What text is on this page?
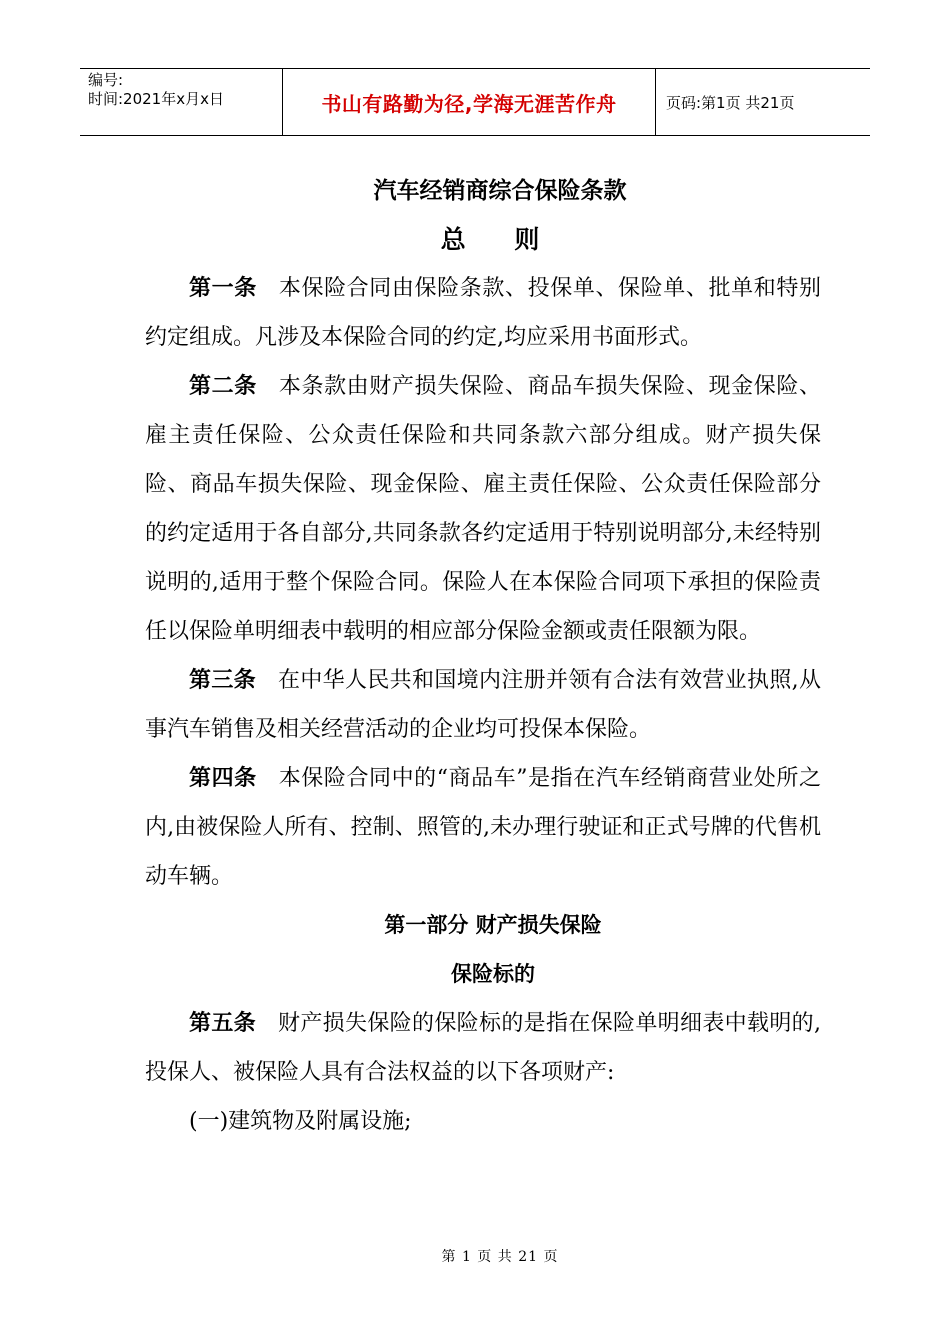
编号:
时间:2021年x月x日	书山有路勤为径,学海无涯苦作舟	页码:第1页 共21页
汽车经销商综合保险条款
总 则

第一条 本保险合同由保险条款、投保单、保险单、批单和特别约定组成。凡涉及本保险合同的约定,均应采用书面形式。

第二条 本条款由财产损失保险、商品车损失保险、现金保险、雇主责任保险、公众责任保险和共同条款六部分组成。财产损失保险、商品车损失保险、现金保险、雇主责任保险、公众责任保险部分的约定适用于各自部分,共同条款各约定适用于特别说明部分,未经特别说明的,适用于整个保险合同。保险人在本保险合同项下承担的保险责任以保险单明细表中载明的相应部分保险金额或责任限额为限。

第三条 在中华人民共和国境内注册并领有合法有效营业执照,从事汽车销售及相关经营活动的企业均可投保本保险。

第四条 本保险合同中的“商品车”是指在汽车经销商营业处所之内,由被保险人所有、控制、照管的,未办理行驶证和正式号牌的代售机动车辆。

第一部分 财产损失保险

保险标的

第五条 财产损失保险的保险标的是指在保险单明细表中载明的,投保人、被保险人具有合法权益的以下各项财产:

(一)建筑物及附属设施;

第 1 页 共 21 页
